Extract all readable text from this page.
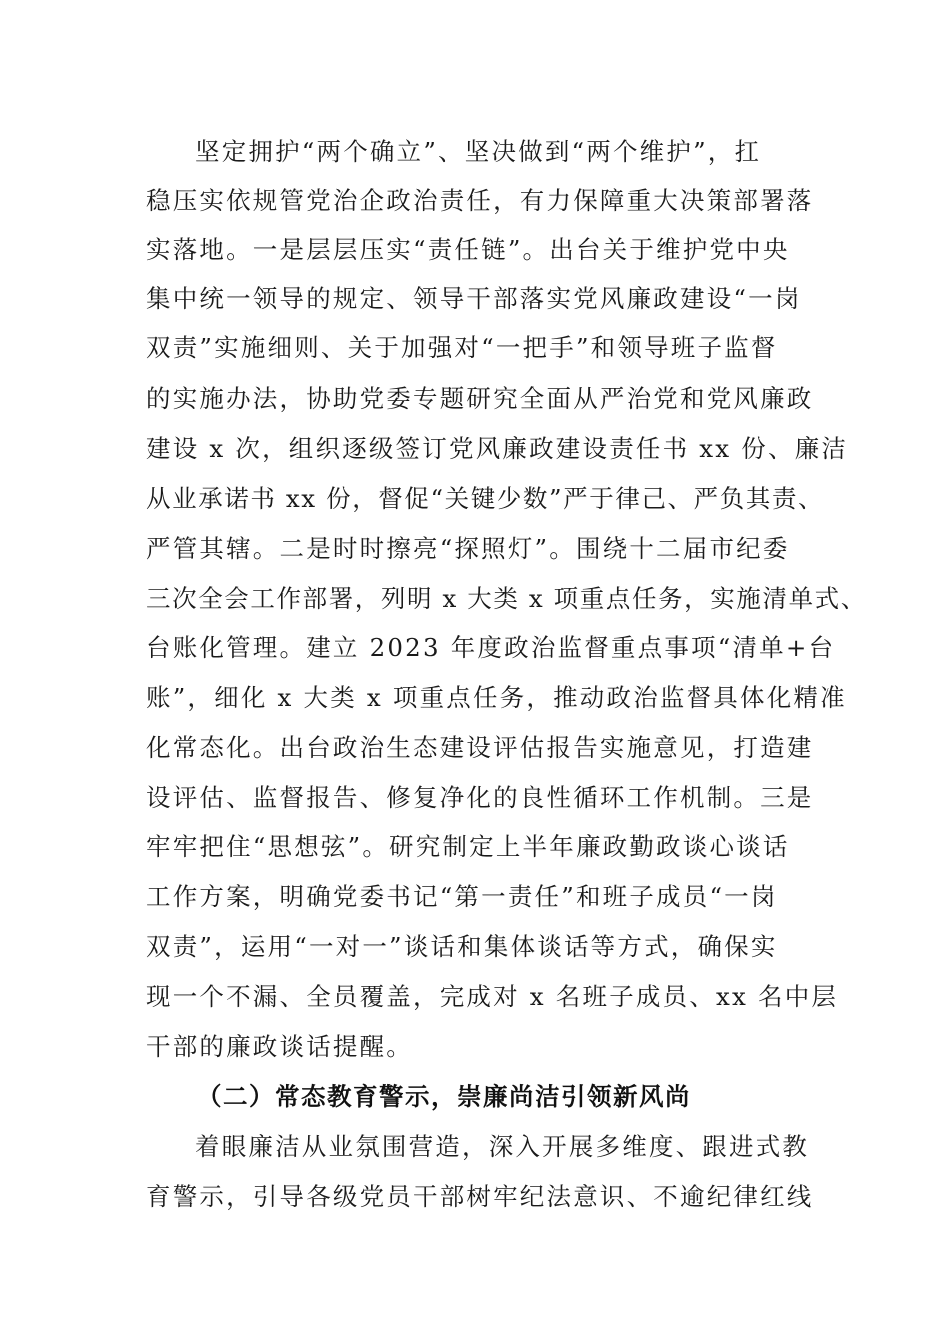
坚定拥护“两个确立”、坚决做到“两个维护”，扛
稳压实依规管党治企政治责任，有力保障重大决策部署落
实落地。一是层层压实“责任链”。出台关于维护党中央
集中统一领导的规定、领导干部落实党风廉政建设“一岗
双责”实施细则、关于加强对“一把手”和领导班子监督
的实施办法，协助党委专题研究全面从严治党和党风廉政
建设 x 次，组织逐级签订党风廉政建设责任书 xx 份、廉洁
从业承诺书 xx 份，督促“关键少数”严于律己、严负其责、
严管其辖。二是时时擦亮“探照灯”。围绕十二届市纪委
三次全会工作部署，列明 x 大类 x 项重点任务，实施清单式、
台账化管理。建立 2023 年度政治监督重点事项“清单+台
账”，细化 x 大类 x 项重点任务，推动政治监督具体化精准
化常态化。出台政治生态建设评估报告实施意见，打造建
设评估、监督报告、修复净化的良性循环工作机制。三是
牢牢把住“思想弦”。研究制定上半年廉政勤政谈心谈话
工作方案，明确党委书记“第一责任”和班子成员“一岗
双责”，运用“一对一”谈话和集体谈话等方式，确保实
现一个不漏、全员覆盖，完成对 x 名班子成员、xx 名中层
干部的廉政谈话提醒。
（二）常态教育警示，崇廉尚洁引领新风尚
着眼廉洁从业氛围营造，深入开展多维度、跟进式教
育警示，引导各级党员干部树牢纪法意识、不逾纪律红线
